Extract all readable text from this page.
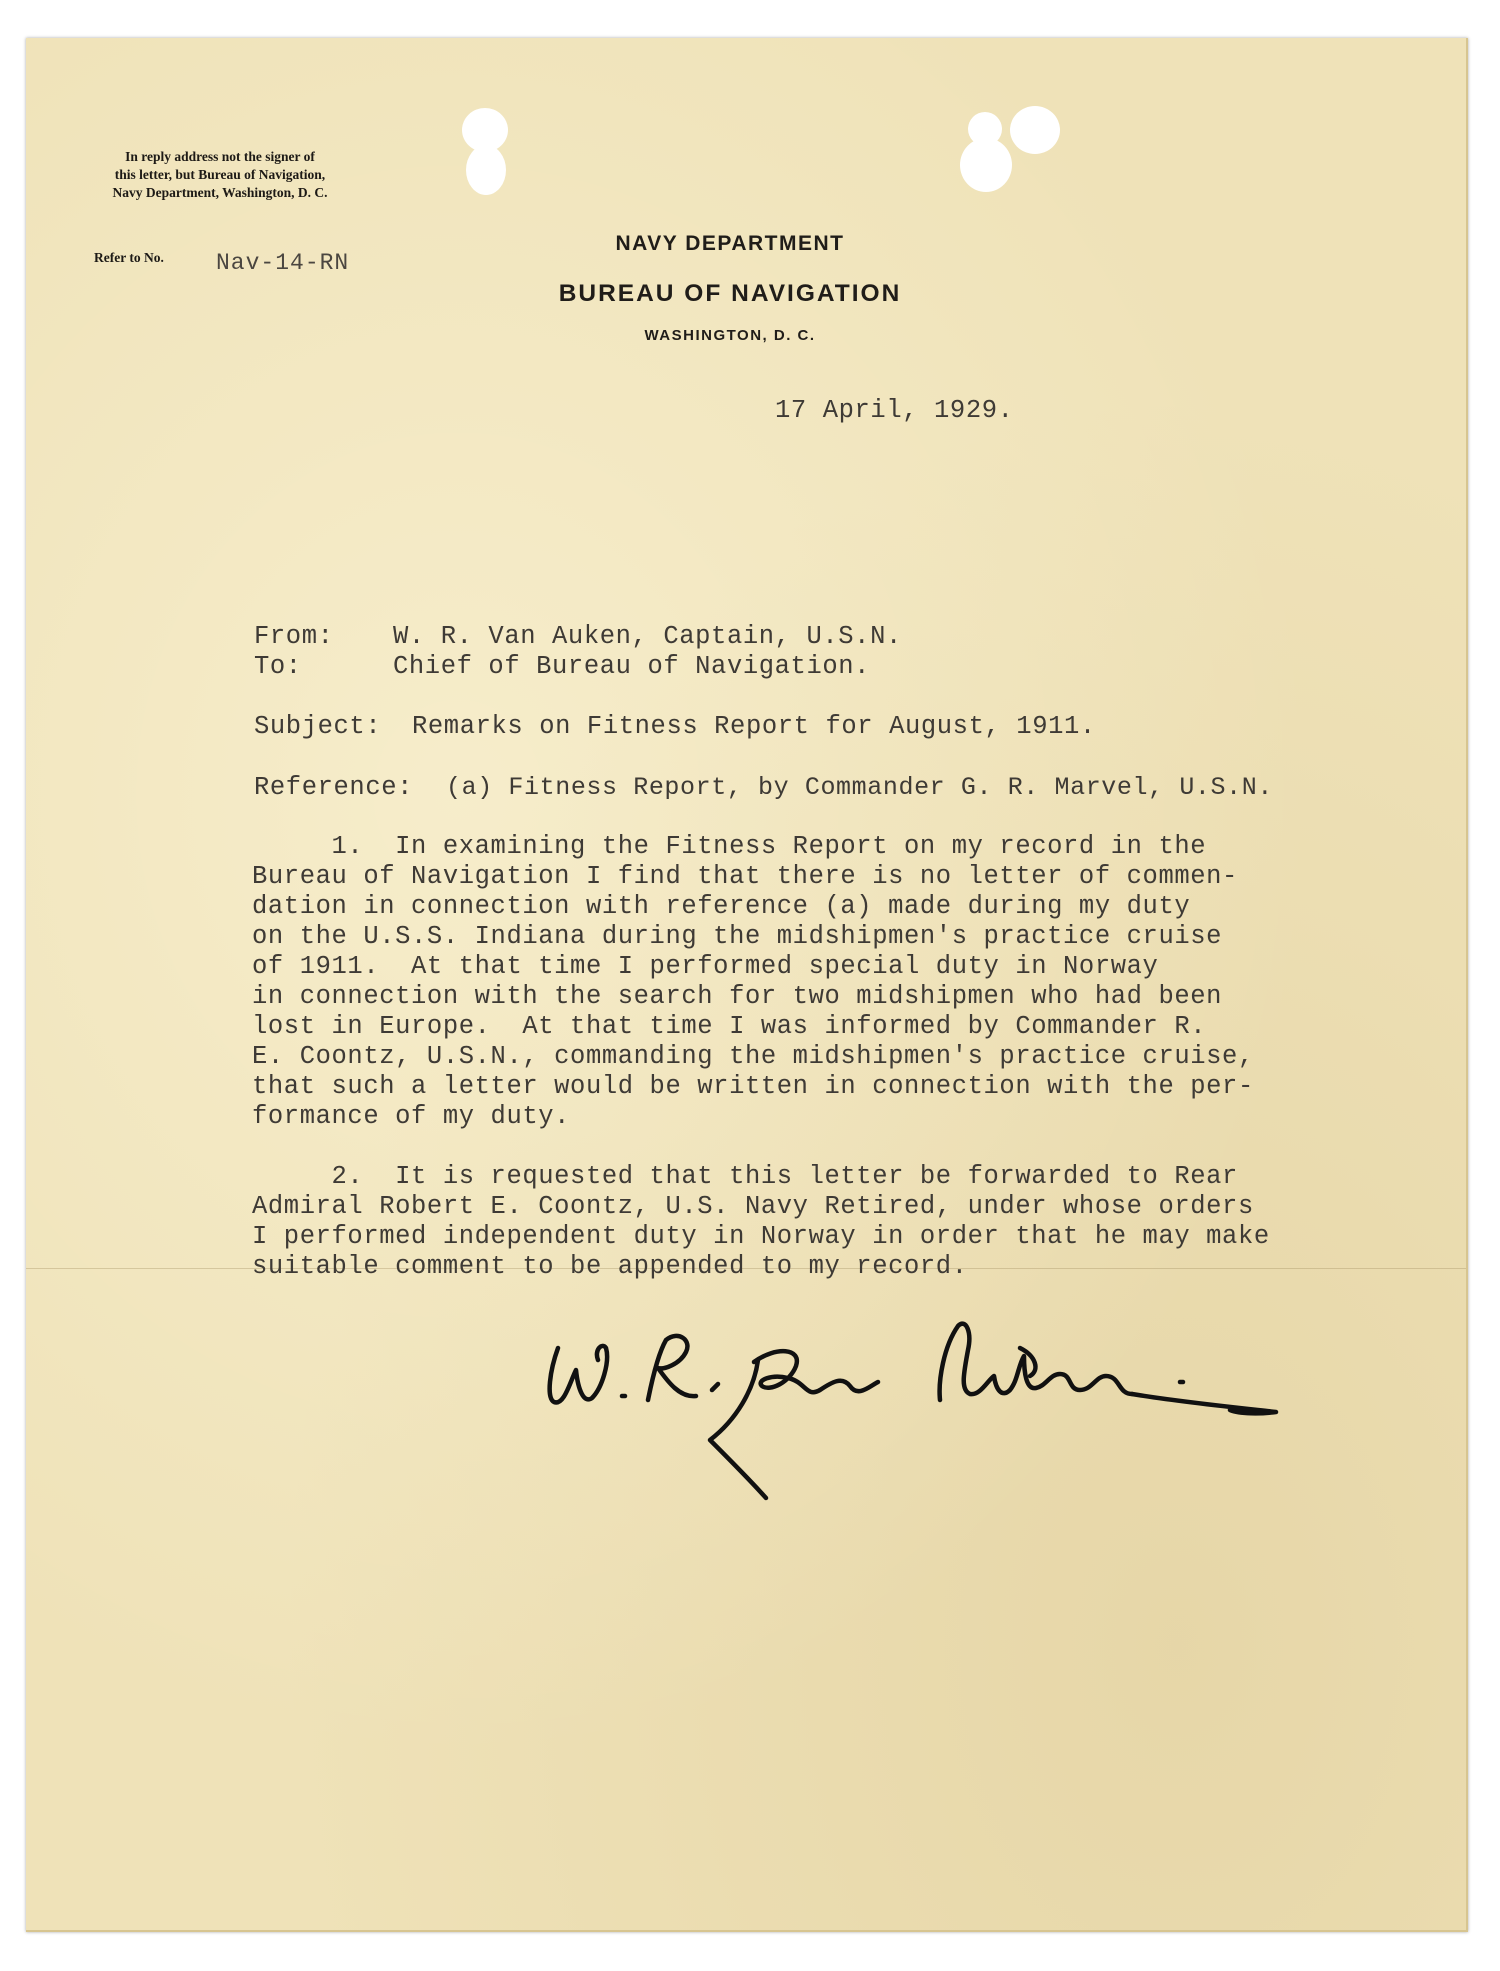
In reply address not the signer of
this letter, but Bureau of Navigation,
Navy Department, Washington, D. C.
Refer to No. Nav-14-RN
NAVY DEPARTMENT
BUREAU OF NAVIGATION
WASHINGTON, D. C.
17 April, 1929.
From: W. R. Van Auken, Captain, U.S.N.
To:	Chief of Bureau of Navigation.
Subject: Remarks on Fitness Report for August, 1911.
Reference: (a) Fitness Report, by Commander G. R. Marvel, U.S.N.
1.  In examining the Fitness Report on my record in the
Bureau of Navigation I find that there is no letter of commen-
dation in connection with reference (a) made during my duty
on the U.S.S. Indiana during the midshipmen's practice cruise
of 1911.  At that time I performed special duty in Norway
in connection with the search for two midshipmen who had been
lost in Europe.  At that time I was informed by Commander R.
E. Coontz, U.S.N., commanding the midshipmen's practice cruise,
that such a letter would be written in connection with the per-
formance of my duty.
2.  It is requested that this letter be forwarded to Rear
Admiral Robert E. Coontz, U.S. Navy Retired, under whose orders
I performed independent duty in Norway in order that he may make
suitable comment to be appended to my record.
